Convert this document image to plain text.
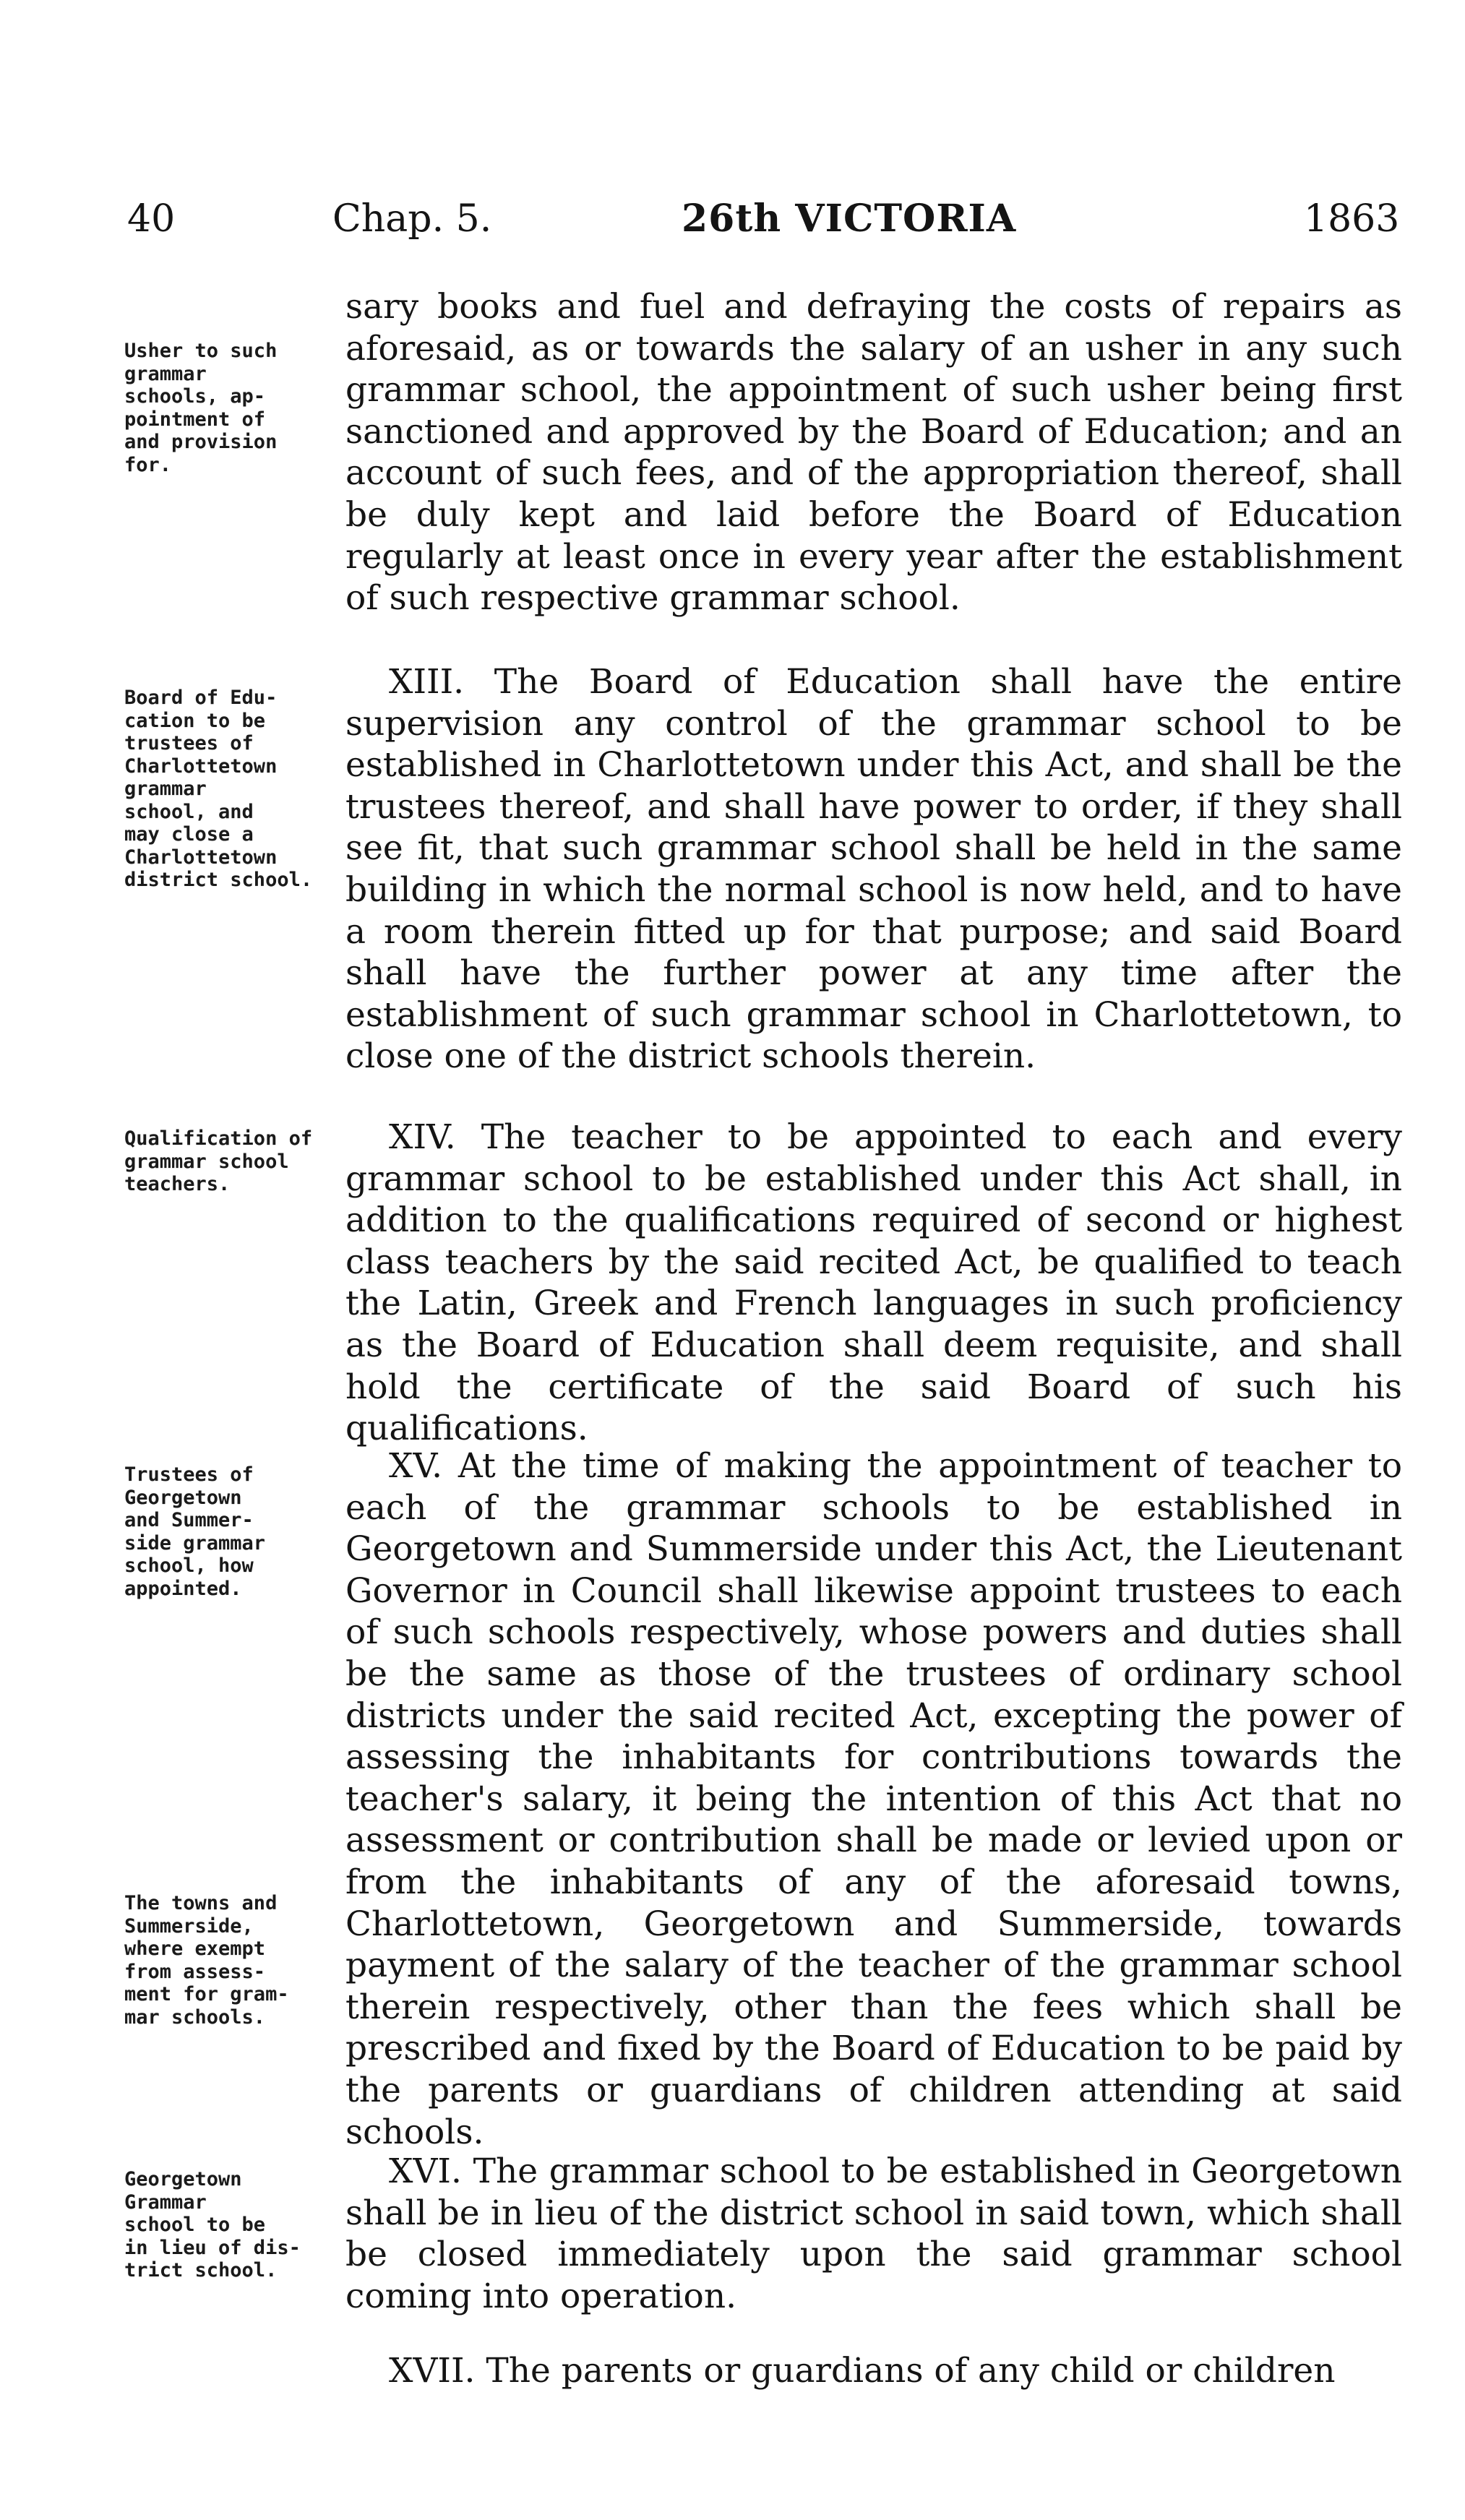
40	Chap. 5.	26th VICTORIA	1863

sary books and fuel and defraying the costs of repairs as aforesaid, as or towards the salary of an usher in any such grammar school, the appointment of such usher being first sanctioned and approved by the Board of Education; and an account of such fees, and of the appropriation thereof, shall be duly kept and laid before the Board of Education regularly at least once in every year after the establishment of such respective grammar school.

XIII. The Board of Education shall have the entire supervision any control of the grammar school to be established in Charlottetown under this Act, and shall be the trustees thereof, and shall have power to order, if they shall see fit, that such grammar school shall be held in the same building in which the normal school is now held, and to have a room therein fitted up for that purpose; and said Board shall have the further power at any time after the establishment of such grammar school in Charlottetown, to close one of the district schools therein.

XIV. The teacher to be appointed to each and every grammar school to be established under this Act shall, in addition to the qualifications required of second or highest class teachers by the said recited Act, be qualified to teach the Latin, Greek and French languages in such proficiency as the Board of Education shall deem requisite, and shall hold the certificate of the said Board of such his qualifications.

XV. At the time of making the appointment of teacher to each of the grammar schools to be established in Georgetown and Summerside under this Act, the Lieutenant Governor in Council shall likewise appoint trustees to each of such schools respectively, whose powers and duties shall be the same as those of the trustees of ordinary school districts under the said recited Act, excepting the power of assessing the inhabitants for contributions towards the teacher's salary, it being the intention of this Act that no assessment or contribution shall be made or levied upon or from the inhabitants of any of the aforesaid towns, Charlottetown, Georgetown and Summerside, towards payment of the salary of the teacher of the grammar school therein respectively, other than the fees which shall be prescribed and fixed by the Board of Education to be paid by the parents or guardians of children attending at said schools.

XVI. The grammar school to be established in Georgetown shall be in lieu of the district school in said town, which shall be closed immediately upon the said grammar school coming into operation.

XVII. The parents or guardians of any child or children

Usher to such
grammar
schools, ap-
pointment of
and provision
for.
Board of Edu-
cation to be
trustees of
Charlottetown
grammar
school, and
may close a
Charlottetown
district school.
Qualification of
grammar school
teachers.
Trustees of
Georgetown
and Summer-
side grammar
school, how
appointed.
The towns and
Summerside,
where exempt
from assess-
ment for gram-
mar schools.
Georgetown
Grammar
school to be
in lieu of dis-
trict school.
